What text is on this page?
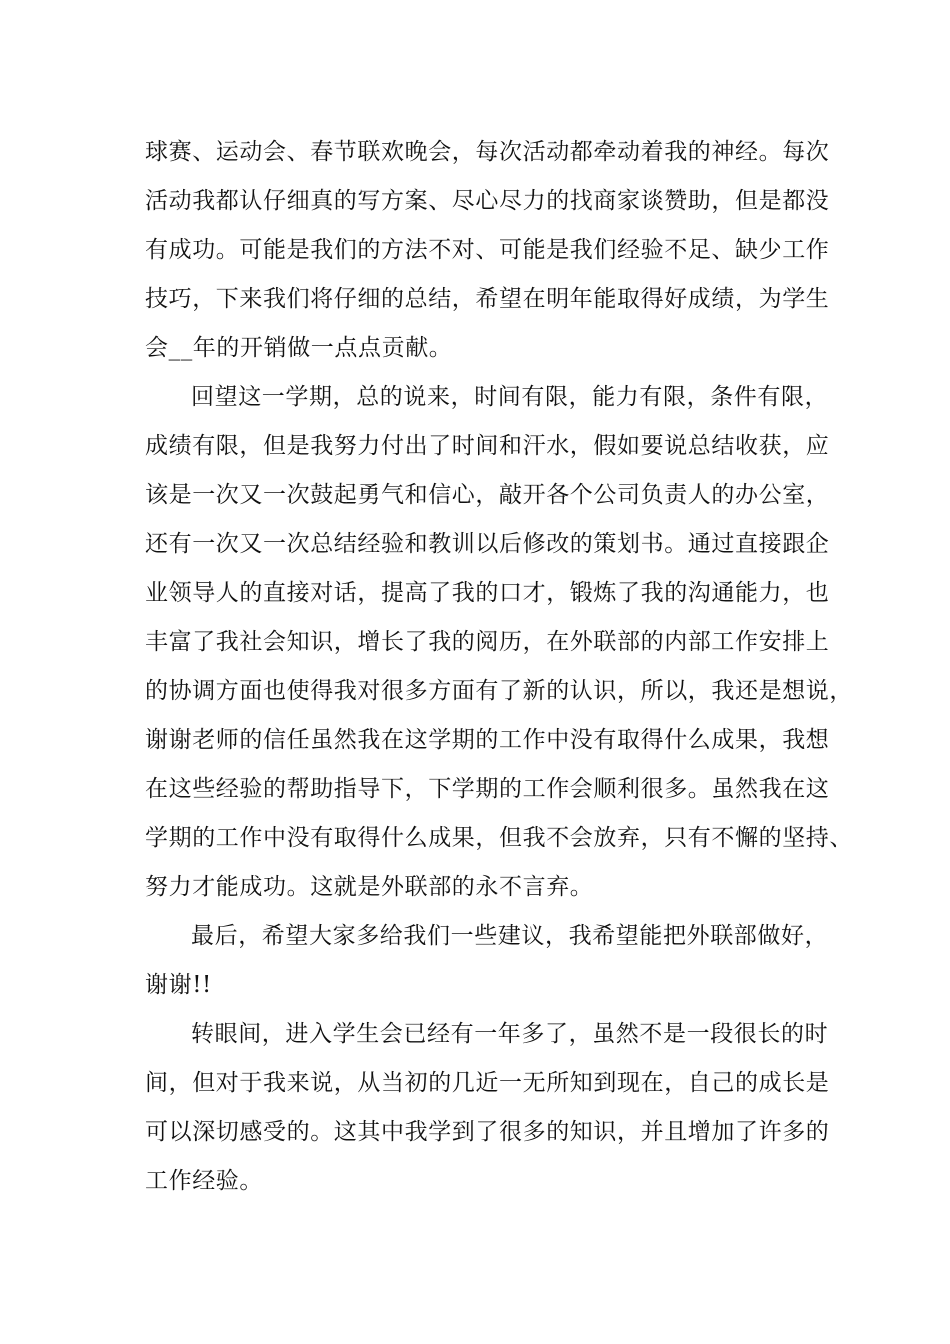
球赛、运动会、春节联欢晚会，每次活动都牵动着我的神经。每次
活动我都认仔细真的写方案、尽心尽力的找商家谈赞助，但是都没
有成功。可能是我们的方法不对、可能是我们经验不足、缺少工作
技巧，下来我们将仔细的总结，希望在明年能取得好成绩，为学生
会__年的开销做一点点贡献。
回望这一学期，总的说来，时间有限，能力有限，条件有限，
成绩有限，但是我努力付出了时间和汗水，假如要说总结收获，应
该是一次又一次鼓起勇气和信心，敲开各个公司负责人的办公室，
还有一次又一次总结经验和教训以后修改的策划书。通过直接跟企
业领导人的直接对话，提高了我的口才，锻炼了我的沟通能力，也
丰富了我社会知识，增长了我的阅历，在外联部的内部工作安排上
的协调方面也使得我对很多方面有了新的认识，所以，我还是想说，
谢谢老师的信任虽然我在这学期的工作中没有取得什么成果，我想
在这些经验的帮助指导下，下学期的工作会顺利很多。虽然我在这
学期的工作中没有取得什么成果，但我不会放弃，只有不懈的坚持、
努力才能成功。这就是外联部的永不言弃。
最后，希望大家多给我们一些建议，我希望能把外联部做好，
谢谢!!
转眼间，进入学生会已经有一年多了，虽然不是一段很长的时
间，但对于我来说，从当初的几近一无所知到现在，自己的成长是
可以深切感受的。这其中我学到了很多的知识，并且增加了许多的
工作经验。
